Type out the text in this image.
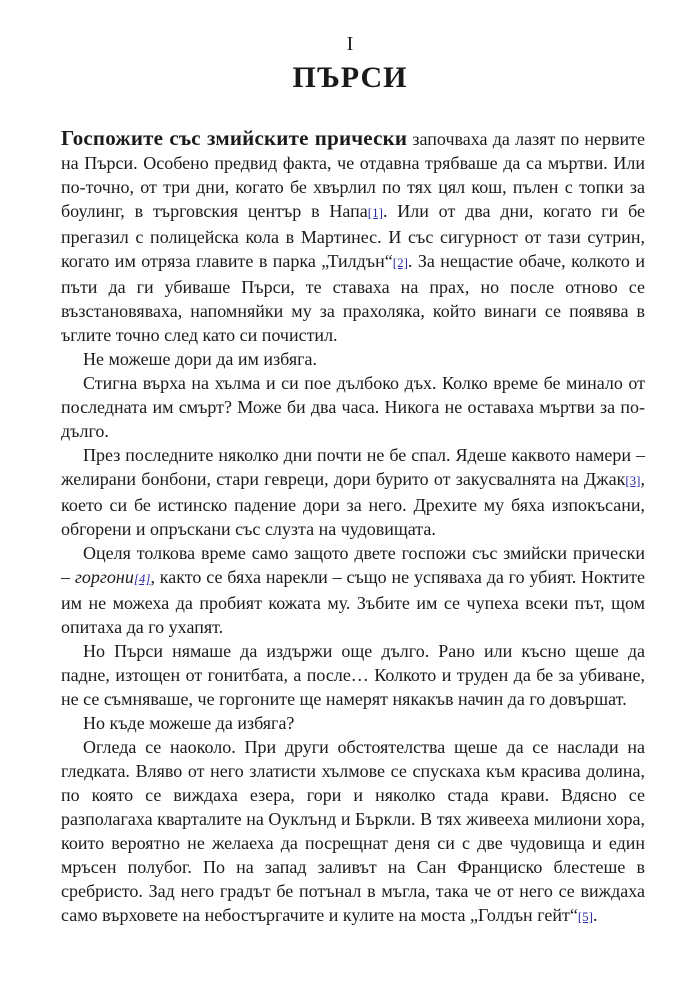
I
ПЪРСИ

Госпожите със змийските прически започваха да лазят по нервите на Пърси. Особено предвид факта, че отдавна трябваше да са мъртви. Или по-точно, от три дни, когато бе хвърлил по тях цял кош, пълен с топки за боулинг, в търговския център в Напа[1]. Или от два дни, когато ги бе прегазил с полицейска кола в Мартинес. И със сигурност от тази сутрин, когато им отряза главите в парка „Тилдън“[2]. За нещастие обаче, колкото и пъти да ги убиваше Пърси, те ставаха на прах, но после отново се възстановяваха, напомняйки му за прахоляка, който винаги се появява в ъглите точно след като си почистил.

Не можеше дори да им избяга.

Стигна върха на хълма и си пое дълбоко дъх. Колко време бе минало от последната им смърт? Може би два часа. Никога не оставаха мъртви за по-дълго.

През последните няколко дни почти не бе спал. Ядеше каквото намери – желирани бонбони, стари гевреци, дори бурито от закусвалнята на Джак[3], което си бе истинско падение дори за него. Дрехите му бяха изпокъсани, обгорени и опръскани със слузта на чудовищата.

Оцеля толкова време само защото двете госпожи със змийски прически – горгони[4], както се бяха нарекли – също не успяваха да го убият. Ноктите им не можеха да пробият кожата му. Зъбите им се чупеха всеки път, щом опитаха да го ухапят.

Но Пърси нямаше да издържи още дълго. Рано или късно щеше да падне, изтощен от гонитбата, а после… Колкото и труден да бе за убиване, не се съмняваше, че горгоните ще намерят някакъв начин да го довършат.

Но къде можеше да избяга?

Огледа се наоколо. При други обстоятелства щеше да се наслади на гледката. Вляво от него златисти хълмове се спускаха към красива долина, по която се виждаха езера, гори и няколко стада крави. Вдясно се разполагаха кварталите на Оуклънд и Бъркли. В тях живееха милиони хора, които вероятно не желаеха да посрещнат деня си с две чудовища и един мръсен полубог. По на запад заливът на Сан Франциско блестеше в сребристо. Зад него градът бе потънал в мъгла, така че от него се виждаха само върховете на небостъргачите и кулите на моста „Голдън гейт“[5].
